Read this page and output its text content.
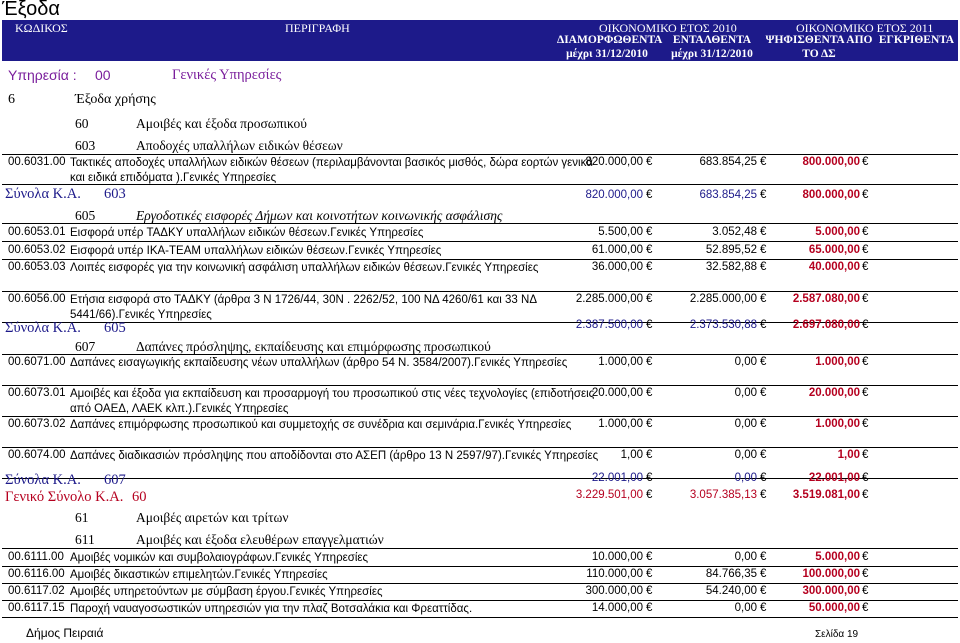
Έξοδα
ΚΩΔΙΚΟΣ	ΠΕΡΙΓΡΑΦΗ	ΟΙΚΟΝΟΜΙΚΟ ΕΤΟΣ 2010	ΟΙΚΟΝΟΜΙΚΟ ΕΤΟΣ 2011
ΔΙΑΜΟΡΦΩΘΕΝΤΑ
μέχρι 31/12/2010
ΕΝΤΑΛΘΕΝΤΑ
μέχρι 31/12/2010
ΨΗΦΙΣΘΕΝΤΑ ΑΠΟ
ΤΟ ΔΣ
ΕΓΚΡΙΘΕΝΤΑ
Υπηρεσία : 00	Γενικές Υπηρεσίες
6	Έξοδα χρήσης
60	Αμοιβές και έξοδα προσωπικού
603	Αποδοχές υπαλλήλων ειδικών θέσεων
00.6031.00 Τακτικές αποδοχές υπαλλήλων ειδικών θέσεων (περιλαμβάνονται βασικός μισθός, δώρα εορτών γενικά και ειδικά επιδόματα ).Γενικές Υπηρεσίες
820.000,00 €	683.854,25 €	800.000,00 €
Σύνολα Κ.Α. 603	820.000,00 €	683.854,25 €	800.000,00 €
605	Εργοδοτικές εισφορές Δήμων και κοινοτήτων κοινωνικής ασφάλισης
00.6053.01 Εισφορά υπέρ ΤΑΔΚΥ υπαλλήλων ειδικών θέσεων.Γενικές Υπηρεσίες	5.500,00 €	3.052,48 €	5.000,00 €
00.6053.02 Εισφορά υπέρ ΙΚΑ-ΤΕΑΜ υπαλλήλων ειδικών θέσεων.Γενικές Υπηρεσίες	61.000,00 €	52.895,52 €	65.000,00 €
00.6053.03 Λοιπές εισφορές για την κοινωνική ασφάλιση υπαλλήλων ειδικών θέσεων.Γενικές Υπηρεσίες	36.000,00 €	32.582,88 €	40.000,00 €
00.6056.00 Ετήσια εισφορά στο ΤΑΔΚΥ (άρθρα 3 Ν 1726/44, 30Ν . 2262/52, 100 ΝΔ 4260/61 και 33 ΝΔ 5441/66).Γενικές Υπηρεσίες
2.285.000,00 €	2.285.000,00 €	2.587.080,00 €
Σύνολα Κ.Α. 605	2.387.500,00 €	2.373.530,88 €	2.697.080,00 €
607	Δαπάνες πρόσληψης, εκπαίδευσης και επιμόρφωσης προσωπικού
00.6071.00 Δαπάνες εισαγωγικής εκπαίδευσης νέων υπαλλήλων (άρθρο 54 Ν. 3584/2007).Γενικές Υπηρεσίες	1.000,00 €	0,00 €	1.000,00 €
00.6073.01 Αμοιβές και έξοδα για εκπαίδευση και προσαρμογή του προσωπικού στις νέες τεχνολογίες (επιδοτήσεις από ΟΑΕΔ, ΛΑΕΚ κλπ.).Γενικές Υπηρεσίες
20.000,00 €	0,00 €	20.000,00 €
00.6073.02 Δαπάνες επιμόρφωσης προσωπικού και συμμετοχής σε συνέδρια και σεμινάρια.Γενικές Υπηρεσίες	1.000,00 €	0,00 €	1.000,00 €
00.6074.00 Δαπάνες διαδικασιών πρόσληψης που αποδίδονται στο ΑΣΕΠ (άρθρο 13 Ν 2597/97).Γενικές Υπηρεσίες	1,00 €	0,00 €	1,00 €
Σύνολα Κ.Α. 607	22.001,00 €	0,00 €	22.001,00 €
Γενικό Σύνολο Κ.Α. 60	3.229.501,00 €	3.057.385,13 €	3.519.081,00 €
61	Αμοιβές αιρετών και τρίτων
611	Αμοιβές και έξοδα ελευθέρων επαγγελματιών
00.6111.00 Αμοιβές νομικών και συμβολαιογράφων.Γενικές Υπηρεσίες	10.000,00 €	0,00 €	5.000,00 €
00.6116.00 Αμοιβές δικαστικών επιμελητών.Γενικές Υπηρεσίες	110.000,00 €	84.766,35 €	100.000,00 €
00.6117.02 Αμοιβές υπηρετούντων με σύμβαση έργου.Γενικές Υπηρεσίες	300.000,00 €	54.240,00 €	300.000,00 €
00.6117.15 Παροχή ναυαγοσωστικών υπηρεσιών για την πλαζ Βοτσαλάκια και Φρεαττίδας.	14.000,00 €	0,00 €	50.000,00 €
Δήμος Πειραιά	Σελίδα 19
